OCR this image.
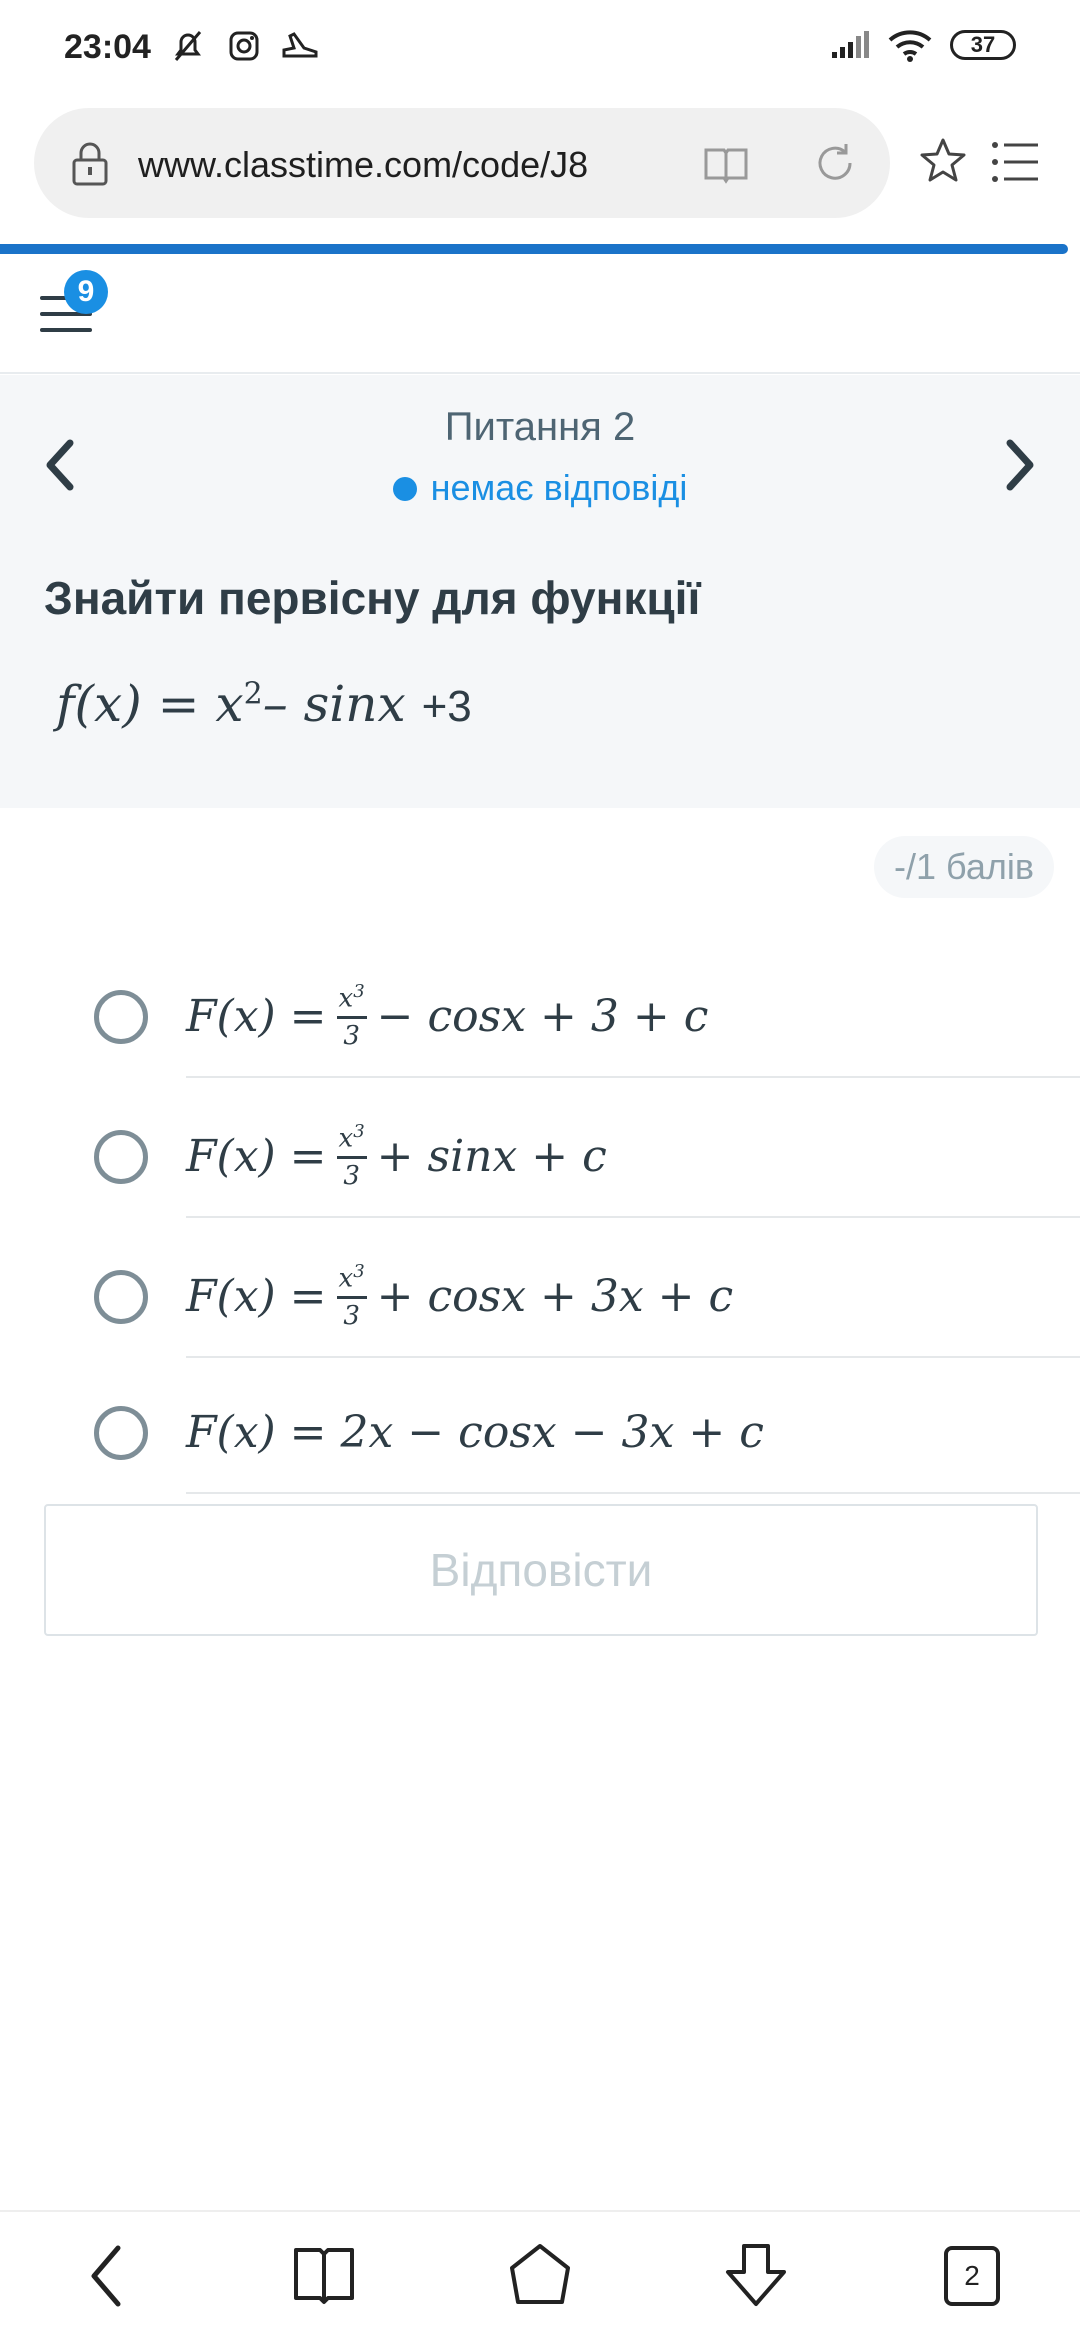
23:04	37
www.classtime.com/code/J8
9
Питання 2
немає відповіді
Знайти первісну для функції
$f(x) = x^2-$ sinx +3
-/1 балів
$F(x) = \frac{x^3}{3} - \cos x + 3 + c$
$F(x) = \frac{x^3}{3} + \sin x + c$
$F(x) = \frac{x^3}{3} + \cos x + 3x + c$
F(x) =
2x − cosx − 3x + c
Відповісти
2
